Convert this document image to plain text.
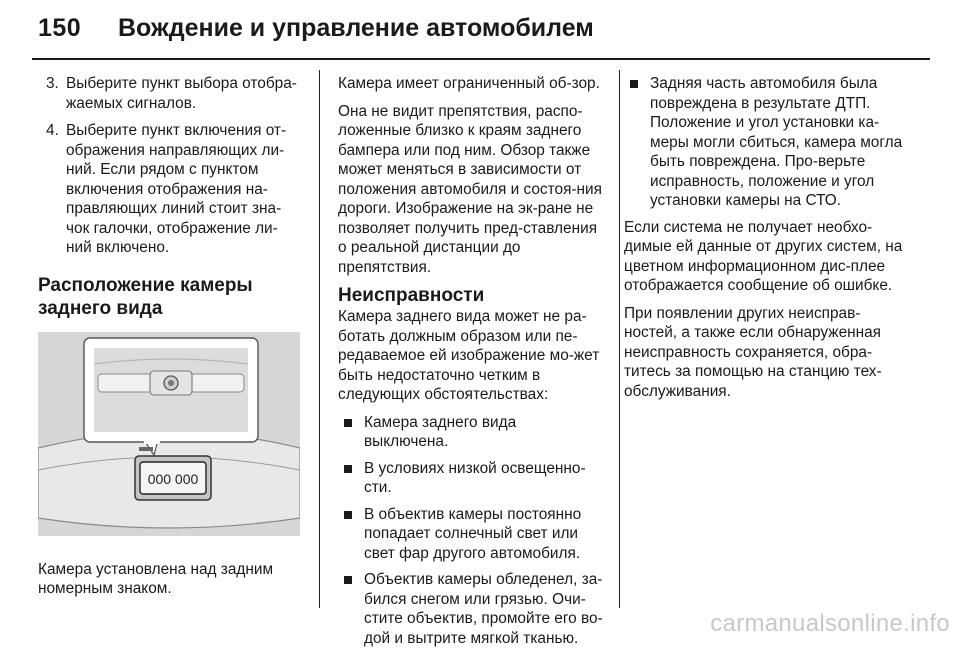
150 Вождение и управление автомобилем
3. Выберите пункт выбора отобра-жаемых сигналов.
4. Выберите пункт включения от-ображения направляющих ли-ний. Если рядом с пунктом включения отображения на-правляющих линий стоит зна-чок галочки, отображение ли-ний включено.
Расположение камеры заднего вида
000 000

Камера установлена над задним номерным знаком.

Камера имеет ограниченный об-зор.

Она не видит препятствия, распо-ложенные близко к краям заднего бампера или под ним. Обзор также может меняться в зависимости от положения автомобиля и состоя-ния дороги. Изображение на эк-ране не позволяет получить пред-ставления о реальной дистанции до препятствия.

Неисправности

Камера заднего вида может не ра-ботать должным образом или пе-редаваемое ей изображение мо-жет быть недостаточно четким в следующих обстоятельствах:

Камера заднего вида выключена.
В условиях низкой освещенно-сти.
В объектив камеры постоянно попадает солнечный свет или свет фар другого автомобиля.
Объектив камеры обледенел, за-бился снегом или грязью. Очи-стите объектив, промойте его во-дой и вытрите мягкой тканью.
Задняя часть автомобиля была повреждена в результате ДТП. Положение и угол установки ка-меры могли сбиться, камера могла быть повреждена. Про-верьте исправность, положение и угол установки камеры на СТО.

Если система не получает необхо-димые ей данные от других систем, на цветном информационном дис-плее отображается сообщение об ошибке.

При появлении других неисправ-ностей, а также если обнаруженная неисправность сохраняется, обра-титесь за помощью на станцию тех-обслуживания.

carmanualsonline.info
